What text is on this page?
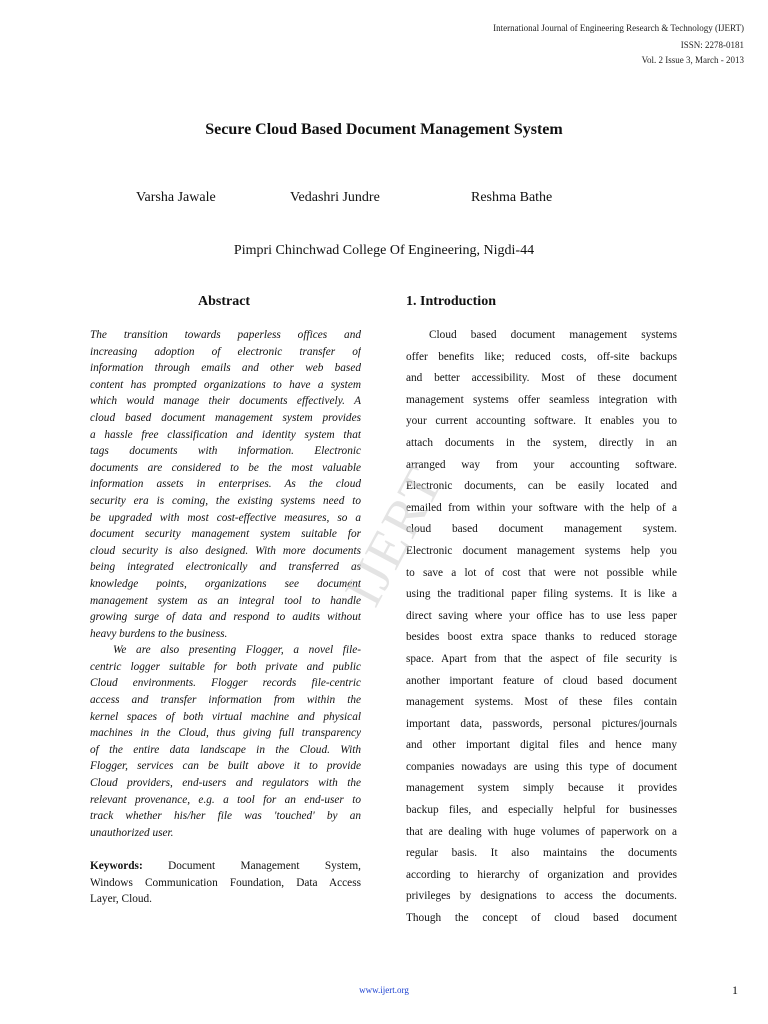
International Journal of Engineering Research & Technology (IJERT)
ISSN: 2278-0181
Vol. 2 Issue 3, March - 2013
Secure Cloud Based Document Management System
Varsha Jawale	Vedashri Jundre	Reshma Bathe
Pimpri Chinchwad College Of Engineering, Nigdi-44
Abstract	1. Introduction
The transition towards paperless offices and
increasing adoption of electronic transfer of
information through emails and other web based
content has prompted organizations to have a system
which would manage their documents effectively. A
cloud based document management system provides
a hassle free classification and identity system that
tags documents with information. Electronic
documents are considered to be the most valuable
information assets in enterprises. As the cloud
security era is coming, the existing systems need to
be upgraded with most cost-effective measures, so a
document security management system suitable for
cloud security is also designed. With more documents
being integrated electronically and transferred as
knowledge points, organizations see document
management system as an integral tool to handle
growing surge of data and respond to audits without
heavy burdens to the business.
We are also presenting Flogger, a novel file-
centric logger suitable for both private and public
Cloud environments. Flogger records file-centric
access and transfer information from within the
kernel spaces of both virtual machine and physical
machines in the Cloud, thus giving full transparency
of the entire data landscape in the Cloud. With
Flogger, services can be built above it to provide
Cloud providers, end-users and regulators with the
relevant provenance, e.g. a tool for an end-user to
track whether his/her file was 'touched' by an
unauthorized user.
Keywords: Document Management System,
Windows Communication Foundation, Data Access
Layer, Cloud.
Cloud based document management systems
offer benefits like; reduced costs, off-site backups
and better accessibility. Most of these document
management systems offer seamless integration with
your current accounting software. It enables you to
attach documents in the system, directly in an
arranged way from your accounting software.
Electronic documents, can be easily located and
emailed from within your software with the help of a
cloud based document management system.
Electronic document management systems help you
to save a lot of cost that were not possible while
using the traditional paper filing systems. It is like a
direct saving where your office has to use less paper
besides boost extra space thanks to reduced storage
space. Apart from that the aspect of file security is
another important feature of cloud based document
management systems. Most of these files contain
important data, passwords, personal pictures/journals
and other important digital files and hence many
companies nowadays are using this type of document
management system simply because it provides
backup files, and especially helpful for businesses
that are dealing with huge volumes of paperwork on a
regular basis. It also maintains the documents
according to hierarchy of organization and provides
privileges by designations to access the documents.
Though the concept of cloud based document
IJERT
www.ijert.org	1
